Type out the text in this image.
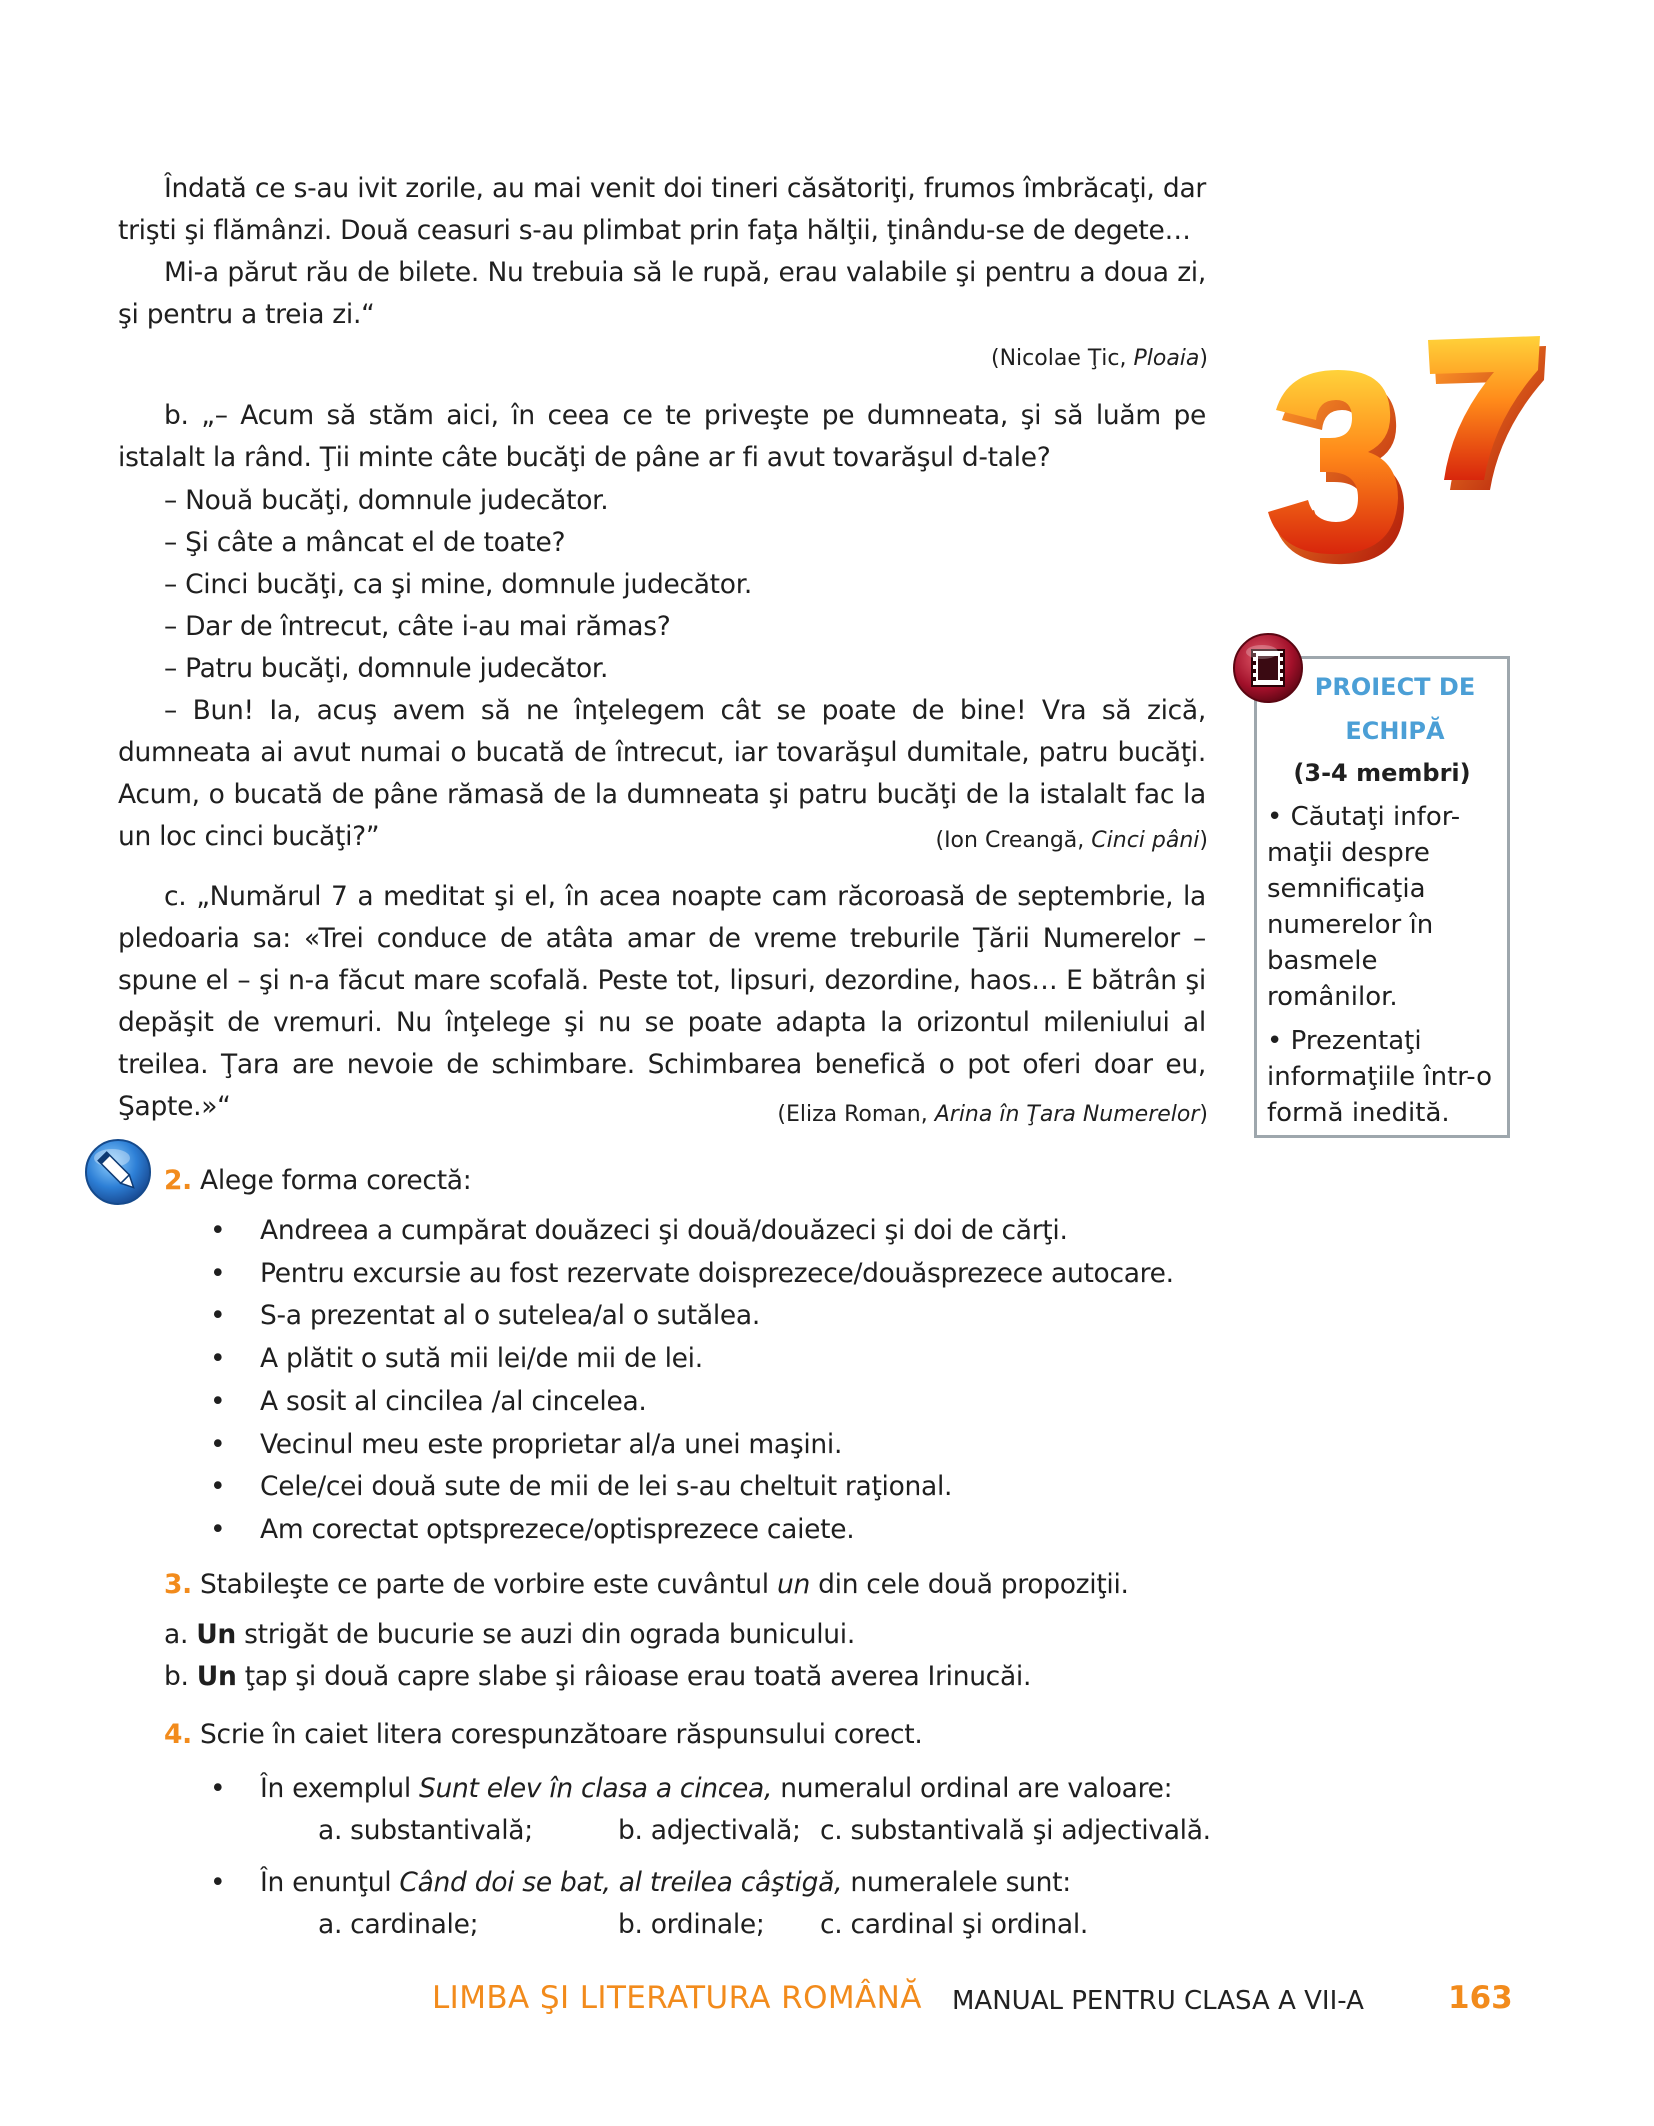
Îndată ce s-au ivit zorile, au mai venit doi tineri căsătoriţi, frumos îmbrăcaţi, dar trişti şi flămânzi. Două ceasuri s-au plimbat prin faţa hălţii, ţinându-se de degete…
Mi-a părut rău de bilete. Nu trebuia să le rupă, erau valabile şi pentru a doua zi, şi pentru a treia zi.“
(Nicolae Ţic, Ploaia)
b. „– Acum să stăm aici, în ceea ce te priveşte pe dumneata, şi să luăm pe istalalt la rând. Ţii minte câte bucăţi de pâne ar fi avut tovarăşul d-tale?
– Nouă bucăţi, domnule judecător.
– Şi câte a mâncat el de toate?
– Cinci bucăţi, ca şi mine, domnule judecător.
– Dar de întrecut, câte i-au mai rămas?
– Patru bucăţi, domnule judecător.
– Bun! Ia, acuş avem să ne înţelegem cât se poate de bine! Vra să zică, dumneata ai avut numai o bucată de întrecut, iar tovarăşul dumitale, patru bucăţi. Acum, o bucată de pâne rămasă de la dumneata şi patru bucăţi de la istalalt fac la un loc cinci bucăţi?”	(Ion Creangă, Cinci pâni)
c. „Numărul 7 a meditat şi el, în acea noapte cam răcoroasă de septembrie, la pledoaria sa: «Trei conduce de atâta amar de vreme treburile Ţării Numerelor – spune el – şi n-a făcut mare scofală. Peste tot, lipsuri, dezordine, haos… E bătrân şi depăşit de vremuri. Nu înţelege şi nu se poate adapta la orizontul mileniului al treilea. Ţara are nevoie de schimbare. Schimbarea benefică o pot oferi doar eu, Şapte.»“	(Eliza Roman, Arina în Ţara Numerelor)
2. Alege forma corectă:
• Andreea a cumpărat douăzeci şi două/douăzeci şi doi de cărţi.
• Pentru excursie au fost rezervate doisprezece/douăsprezece autocare.
• S-a prezentat al o sutelea/al o sutălea.
• A plătit o sută mii lei/de mii de lei.
• A sosit al cincilea /al cincelea.
• Vecinul meu este proprietar al/a unei maşini.
• Cele/cei două sute de mii de lei s-au cheltuit raţional.
• Am corectat optsprezece/optisprezece caiete.
3. Stabileşte ce parte de vorbire este cuvântul un din cele două propoziţii.
a. Un strigăt de bucurie se auzi din ograda bunicului.
b. Un ţap şi două capre slabe şi râioase erau toată averea Irinucăi.
4. Scrie în caiet litera corespunzătoare răspunsului corect.
• În exemplul Sunt elev în clasa a cincea, numeralul ordinal are valoare:
a. substantivală;	b. adjectivală; c. substantivală şi adjectivală.
• În enunţul Când doi se bat, al treilea câştigă, numeralele sunt:
a. cardinale;	b. ordinale; c. cardinal şi ordinal.
PROIECT DE
ECHIPĂ
(3-4 membri)
• Căutaţi infor-maţii despre semnificaţia numerelor în basmele românilor.
• Prezentaţi informaţiile într-o formă inedită.
LIMBA ŞI LITERATURA ROMÂNĂ MANUAL PENTRU CLASA A VII-A	163
